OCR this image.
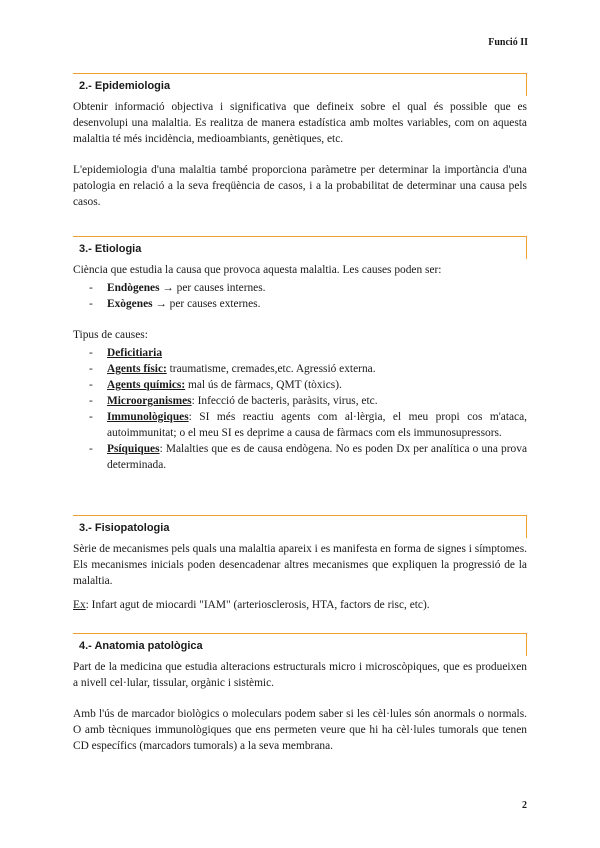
Funció II
2.- Epidemiologia

Obtenir informació objectiva i significativa que defineix sobre el qual és possible que es desenvolupi una malaltia. Es realitza de manera estadística amb moltes variables, com on aquesta malaltia té més incidència, medioambiants, genètiques, etc.

L'epidemiologia d'una malaltia també proporciona paràmetre per determinar la importància d'una patologia en relació a la seva freqüència de casos, i a la probabilitat de determinar una causa pels casos.

3.- Etiologia

Ciència que estudia la causa que provoca aquesta malaltia. Les causes poden ser:

- Endògenes → per causes internes.
- Exògenes → per causes externes.

Tipus de causes:

- Deficitiaria
- Agents físic: traumatisme, cremades,etc. Agressió externa.
- Agents químics: mal ús de fàrmacs, QMT (tòxics).
- Microorganismes: Infecció de bacteris, paràsits, virus, etc.
- Immunològiques: SI més reactiu agents com al·lèrgia, el meu propi cos m'ataca, autoimmunitat; o el meu SI es deprime a causa de fàrmacs com els immunosupressors.
- Psíquiques: Malalties que es de causa endògena. No es poden Dx per analítica o una prova determinada.
3.- Fisiopatologia

Sèrie de mecanismes pels quals una malaltia apareix i es manifesta en forma de signes i símptomes. Els mecanismes inicials poden desencadenar altres mecanismes que expliquen la progressió de la malaltia.

Ex: Infart agut de miocardi "IAM" (arteriosclerosis, HTA, factors de risc, etc).

4.- Anatomia patològica

Part de la medicina que estudia alteracions estructurals micro i microscòpiques, que es produeixen a nivell cel·lular, tissular, orgànic i sistèmic.

Amb l'ús de marcador biològics o moleculars podem saber si les cèl·lules són anormals o normals. O amb tècniques immunològiques que ens permeten veure que hi ha cèl·lules tumorals que tenen CD específics (marcadors tumorals) a la seva membrana.

2
